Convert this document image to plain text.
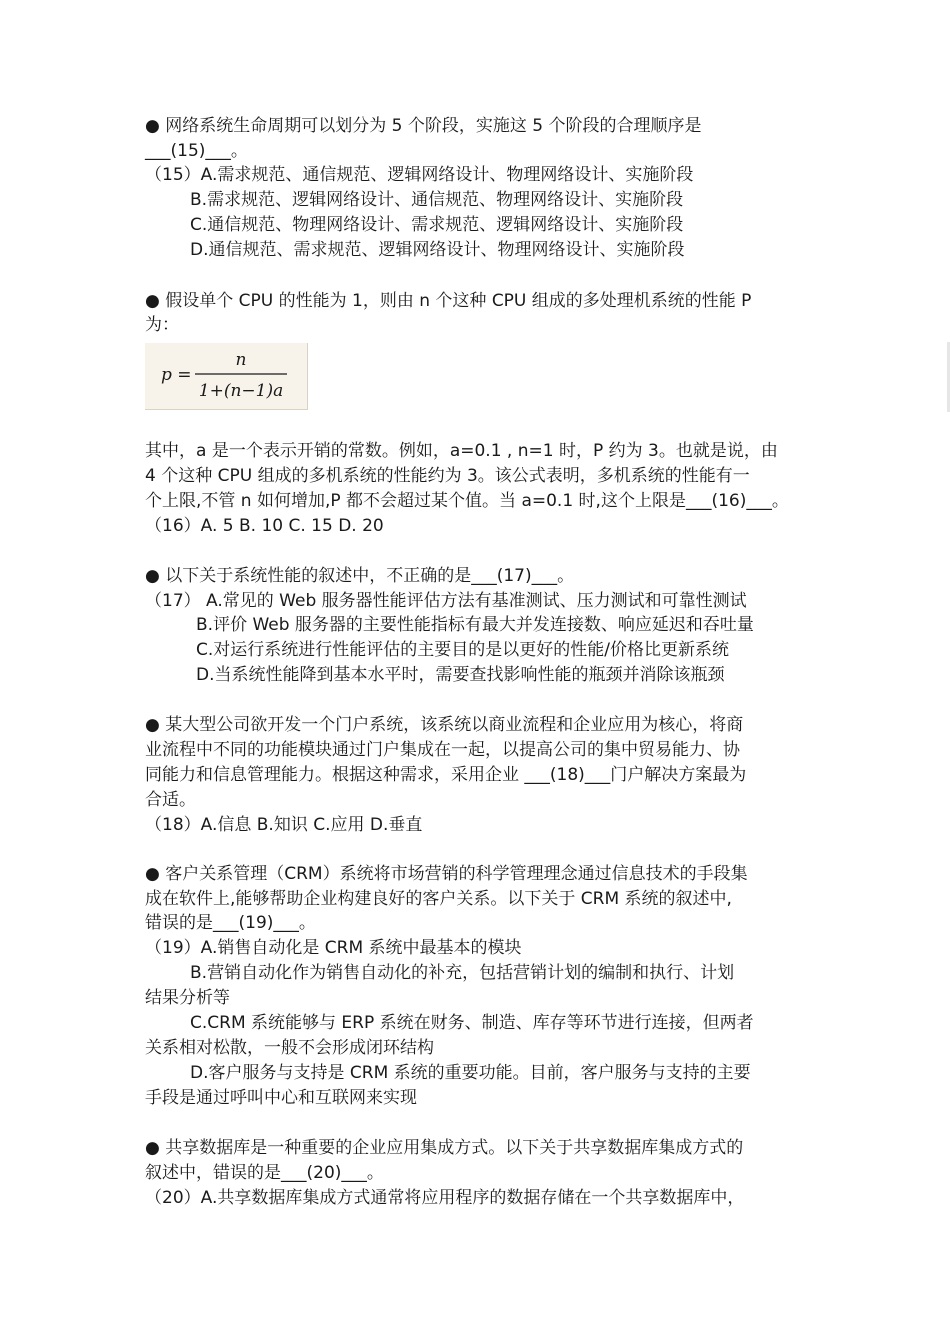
● 网络系统生命周期可以划分为 5 个阶段，实施这 5 个阶段的合理顺序是
___(15)___。
（15）A.需求规范、通信规范、逻辑网络设计、物理网络设计、实施阶段
B.需求规范、逻辑网络设计、通信规范、物理网络设计、实施阶段
C.通信规范、物理网络设计、需求规范、逻辑网络设计、实施阶段
D.通信规范、需求规范、逻辑网络设计、物理网络设计、实施阶段
● 假设单个 CPU 的性能为 1，则由 n 个这种 CPU 组成的多处理机系统的性能 P
为：
p =
n
1+(n−1)a
其中，a 是一个表示开销的常数。例如，a=0.1 , n=1 时，P 约为 3。也就是说，由
4 个这种 CPU 组成的多机系统的性能约为 3。该公式表明，多机系统的性能有一
个上限,不管 n 如何增加,P 都不会超过某个值。当 a=0.1 时,这个上限是___(16)___。
（16）A. 5 B. 10 C. 15 D. 20
● 以下关于系统性能的叙述中，不正确的是___(17)___。
（17） A.常见的 Web 服务器性能评估方法有基准测试、压力测试和可靠性测试
B.评价 Web 服务器的主要性能指标有最大并发连接数、响应延迟和吞吐量
C.对运行系统进行性能评估的主要目的是以更好的性能/价格比更新系统
D.当系统性能降到基本水平时，需要查找影响性能的瓶颈并消除该瓶颈
● 某大型公司欲开发一个门户系统，该系统以商业流程和企业应用为核心，将商
业流程中不同的功能模块通过门户集成在一起，以提高公司的集中贸易能力、协
同能力和信息管理能力。根据这种需求，采用企业 ___(18)___门户解决方案最为
合适。
（18）A.信息 B.知识 C.应用 D.垂直
● 客户关系管理（CRM）系统将市场营销的科学管理理念通过信息技术的手段集
成在软件上,能够帮助企业构建良好的客户关系。以下关于 CRM 系统的叙述中,
错误的是___(19)___。
（19）A.销售自动化是 CRM 系统中最基本的模块
B.营销自动化作为销售自动化的补充，包括营销计划的编制和执行、计划
结果分析等
C.CRM 系统能够与 ERP 系统在财务、制造、库存等环节进行连接，但两者
关系相对松散，一般不会形成闭环结构
D.客户服务与支持是 CRM 系统的重要功能。目前，客户服务与支持的主要
手段是通过呼叫中心和互联网来实现
● 共享数据库是一种重要的企业应用集成方式。以下关于共享数据库集成方式的
叙述中，错误的是___(20)___。
（20）A.共享数据库集成方式通常将应用程序的数据存储在一个共享数据库中，
